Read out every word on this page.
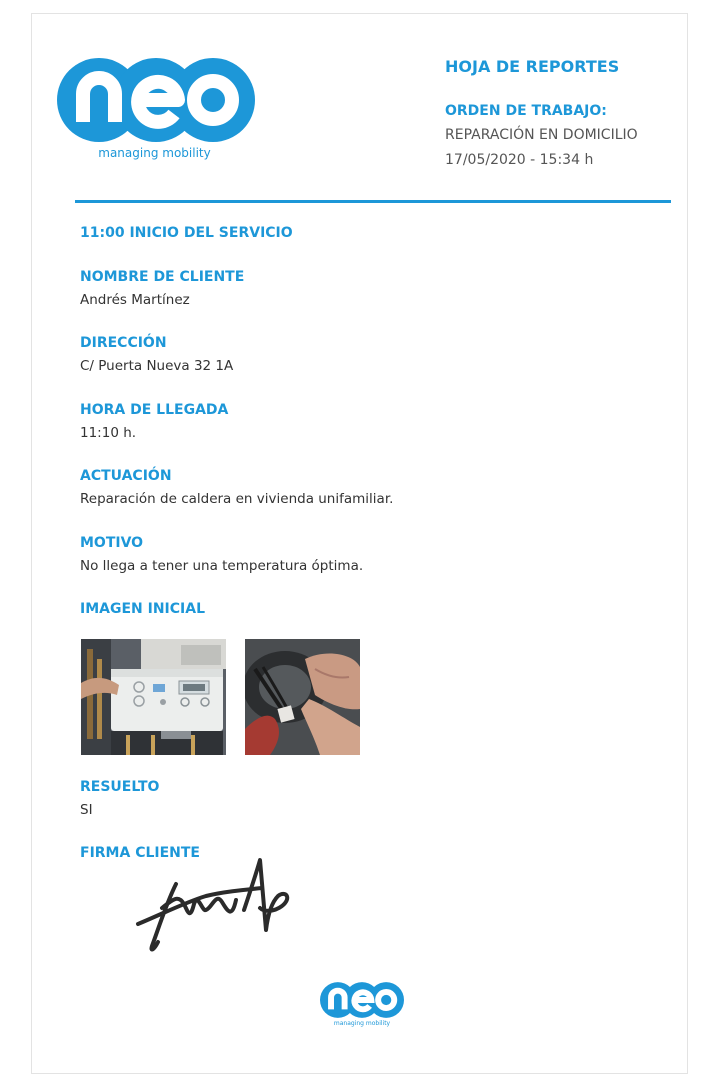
managing mobility
HOJA DE REPORTES
ORDEN DE TRABAJO:
REPARACIÓN EN DOMICILIO
17/05/2020 - 15:34 h
11:00 INICIO DEL SERVICIO
NOMBRE DE CLIENTE
Andrés Martínez
DIRECCIÓN
C/ Puerta Nueva 32 1A
HORA DE LLEGADA
11:10 h.
ACTUACIÓN
Reparación de caldera en vivienda unifamiliar.
MOTIVO
No llega a tener una temperatura óptima.
IMAGEN INICIAL
RESUELTO
SI
FIRMA CLIENTE
managing mobility
